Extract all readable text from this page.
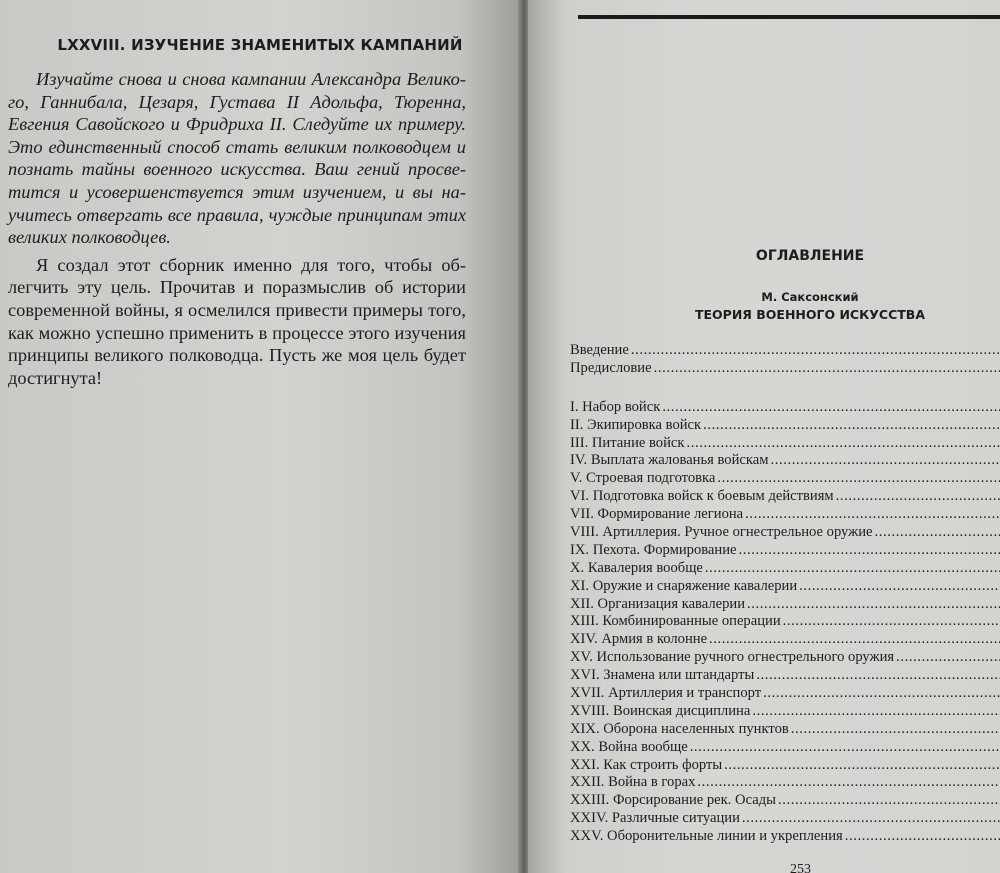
LXXVIII. ИЗУЧЕНИЕ ЗНАМЕНИТЫХ КАМПАНИЙ

Изучайте снова и снова кампании Александра Велико- го, Ганнибала, Цезаря, Густава II Адольфа, Тюренна, Евгения Савойского и Фридриха II. Следуйте их примеру. Это единственный способ стать великим полководцем и познать тайны военного искусства. Ваш гений просве- тится и усовершенствуется этим изучением, и вы на- учитесь отвергать все правила, чуждые принципам этих великих полководцев.

Я создал этот сборник именно для того, чтобы об- легчить эту цель. Прочитав и поразмыслив об истории современной войны, я осмелился привести примеры того, как можно успешно применить в процессе этого изучения принципы великого полководца. Пусть же моя цель будет достигнута!

ОГЛАВЛЕНИЕ
М. Саксонский
ТЕОРИЯ ВОЕННОГО ИСКУССТВА
Введение .....
Предисловие .....
I. Набор войск .....
II. Экипировка войск .....
III. Питание войск .....
IV. Выплата жалованья войскам .....
V. Строевая подготовка .....
VI. Подготовка войск к боевым действиям .....
VII. Формирование легиона .....
VIII. Артиллерия. Ручное огнестрельное оружие .....
IX. Пехота. Формирование .....
X. Кавалерия вообще .....
XI. Оружие и снаряжение кавалерии .....
XII. Организация кавалерии .....
XIII. Комбинированные операции .....
XIV. Армия в колонне .....
XV. Использование ручного огнестрельного оружия .....
XVI. Знамена или штандарты .....
XVII. Артиллерия и транспорт .....
XVIII. Воинская дисциплина .....
XIX. Оборона населенных пунктов .....
XX. Война вообще .....
XXI. Как строить форты .....
XXII. Война в горах .....
XXIII. Форсирование рек. Осады .....
XXIV. Различные ситуации .....
XXV. Оборонительные линии и укрепления .....
253
